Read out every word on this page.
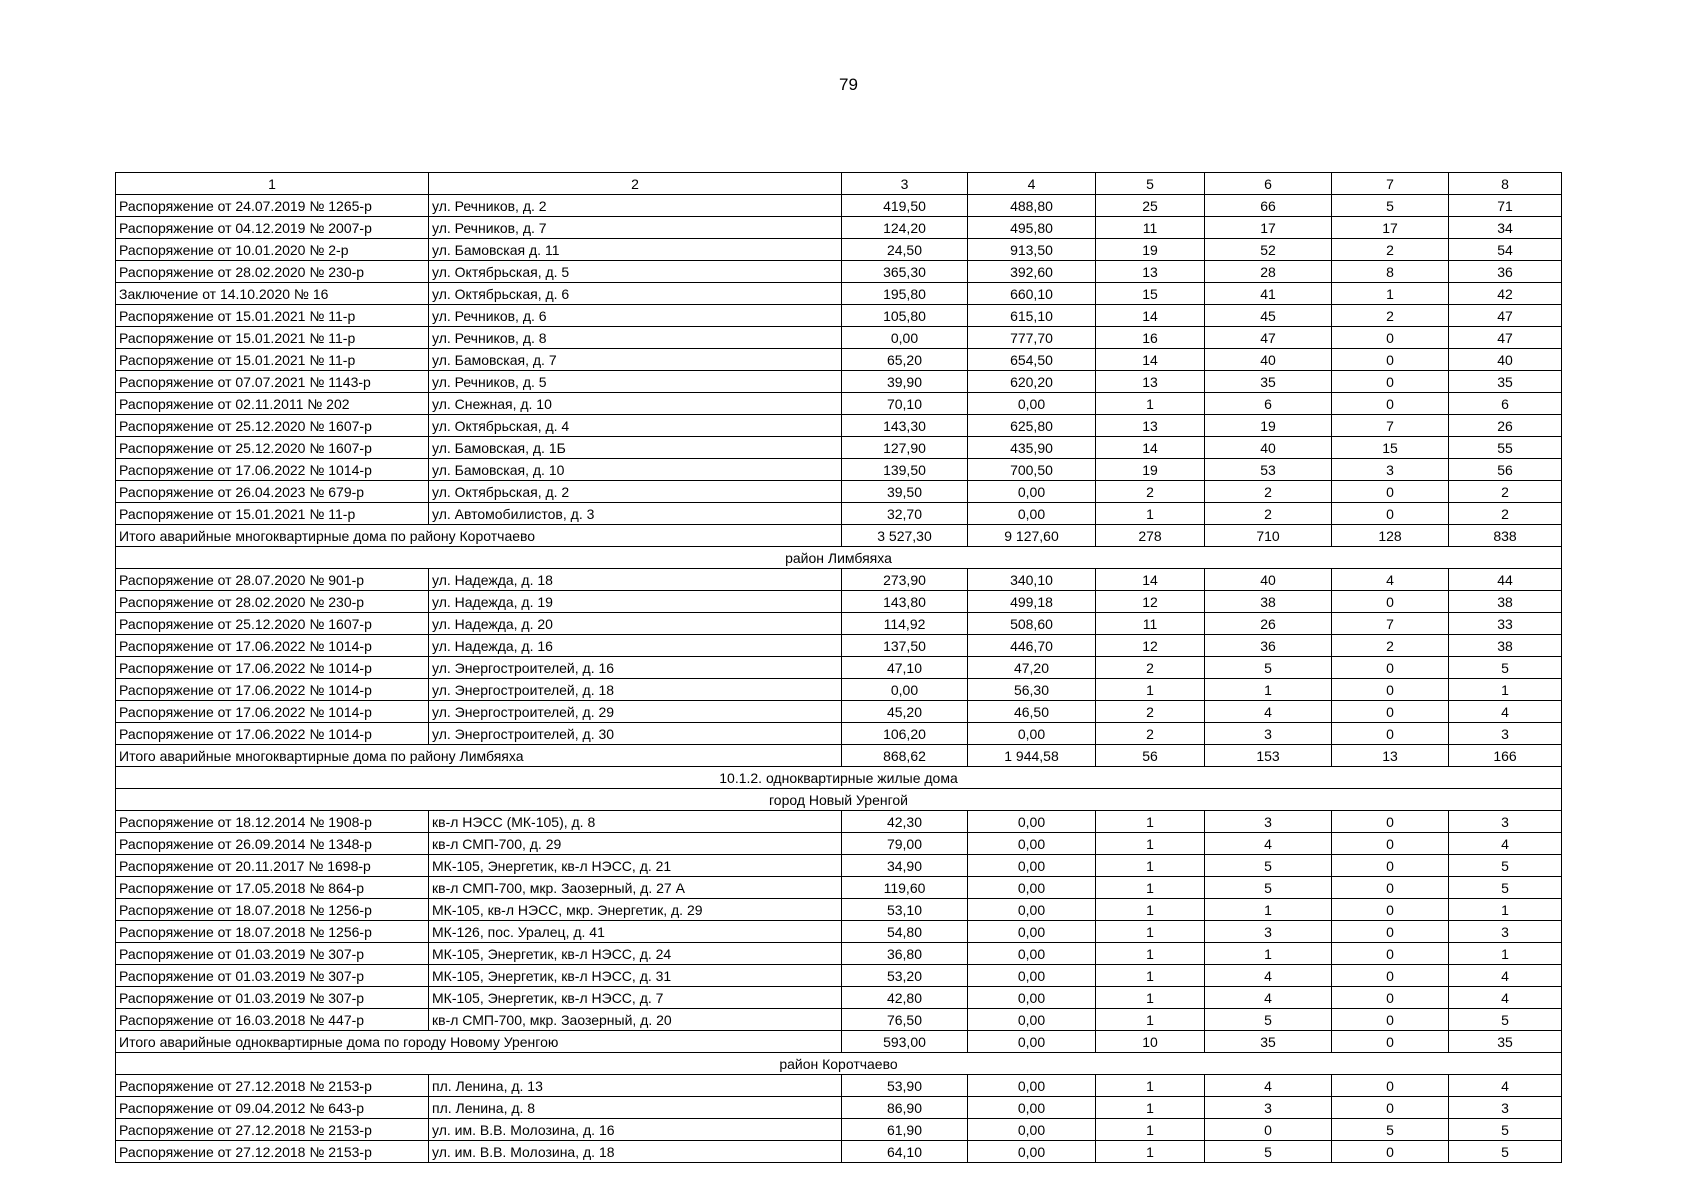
79
1	2	3	4	5	6	7	8
Распоряжение от 24.07.2019 № 1265-р	ул. Речников, д. 2	419,50	488,80	25	66	5	71
Распоряжение от 04.12.2019 № 2007-р	ул. Речников, д. 7	124,20	495,80	11	17	17	34
Распоряжение от 10.01.2020 № 2-р	ул. Бамовская д. 11	24,50	913,50	19	52	2	54
Распоряжение от 28.02.2020 № 230-р	ул. Октябрьская, д. 5	365,30	392,60	13	28	8	36
Заключение от 14.10.2020 № 16	ул. Октябрьская, д. 6	195,80	660,10	15	41	1	42
Распоряжение от 15.01.2021 № 11-р	ул. Речников, д. 6	105,80	615,10	14	45	2	47
Распоряжение от 15.01.2021 № 11-р	ул. Речников, д. 8	0,00	777,70	16	47	0	47
Распоряжение от 15.01.2021 № 11-р	ул. Бамовская, д. 7	65,20	654,50	14	40	0	40
Распоряжение от 07.07.2021 № 1143-р	ул. Речников, д. 5	39,90	620,20	13	35	0	35
Распоряжение от 02.11.2011 № 202	ул. Снежная, д. 10	70,10	0,00	1	6	0	6
Распоряжение от 25.12.2020 № 1607-р	ул. Октябрьская, д. 4	143,30	625,80	13	19	7	26
Распоряжение от 25.12.2020 № 1607-р	ул. Бамовская, д. 1Б	127,90	435,90	14	40	15	55
Распоряжение от 17.06.2022 № 1014-р	ул. Бамовская, д. 10	139,50	700,50	19	53	3	56
Распоряжение от 26.04.2023 № 679-р	ул. Октябрьская, д. 2	39,50	0,00	2	2	0	2
Распоряжение от 15.01.2021 № 11-р	ул. Автомобилистов, д. 3	32,70	0,00	1	2	0	2
Итого аварийные многоквартирные дома по району Коротчаево		3 527,30	9 127,60	278	710	128	838
район Лимбяяха							
Распоряжение от 28.07.2020 № 901-р	ул. Надежда, д. 18	273,90	340,10	14	40	4	44
Распоряжение от 28.02.2020 № 230-р	ул. Надежда, д. 19	143,80	499,18	12	38	0	38
Распоряжение от 25.12.2020 № 1607-р	ул. Надежда, д. 20	114,92	508,60	11	26	7	33
Распоряжение от 17.06.2022 № 1014-р	ул. Надежда, д. 16	137,50	446,70	12	36	2	38
Распоряжение от 17.06.2022 № 1014-р	ул. Энергостроителей, д. 16	47,10	47,20	2	5	0	5
Распоряжение от 17.06.2022 № 1014-р	ул. Энергостроителей, д. 18	0,00	56,30	1	1	0	1
Распоряжение от 17.06.2022 № 1014-р	ул. Энергостроителей, д. 29	45,20	46,50	2	4	0	4
Распоряжение от 17.06.2022 № 1014-р	ул. Энергостроителей, д. 30	106,20	0,00	2	3	0	3
Итого аварийные многоквартирные дома по району Лимбяяха		868,62	1 944,58	56	153	13	166
10.1.2. одноквартирные жилые дома							
город Новый Уренгой							
Распоряжение от 18.12.2014 № 1908-р	кв-л НЭСС (МК-105), д. 8	42,30	0,00	1	3	0	3
Распоряжение от 26.09.2014 № 1348-р	кв-л СМП-700, д. 29	79,00	0,00	1	4	0	4
Распоряжение от 20.11.2017 № 1698-р	МК-105, Энергетик, кв-л НЭСС, д. 21	34,90	0,00	1	5	0	5
Распоряжение от 17.05.2018 № 864-р	кв-л СМП-700, мкр. Заозерный, д. 27 А	119,60	0,00	1	5	0	5
Распоряжение от 18.07.2018 № 1256-р	МК-105, кв-л НЭСС, мкр. Энергетик, д. 29	53,10	0,00	1	1	0	1
Распоряжение от 18.07.2018 № 1256-р	МК-126, пос. Уралец, д. 41	54,80	0,00	1	3	0	3
Распоряжение от 01.03.2019 № 307-р	МК-105, Энергетик, кв-л НЭСС, д. 24	36,80	0,00	1	1	0	1
Распоряжение от 01.03.2019 № 307-р	МК-105, Энергетик, кв-л НЭСС, д. 31	53,20	0,00	1	4	0	4
Распоряжение от 01.03.2019 № 307-р	МК-105, Энергетик, кв-л НЭСС, д. 7	42,80	0,00	1	4	0	4
Распоряжение от 16.03.2018 № 447-р	кв-л СМП-700, мкр. Заозерный, д. 20	76,50	0,00	1	5	0	5
Итого аварийные одноквартирные дома по городу Новому Уренгою		593,00	0,00	10	35	0	35
район Коротчаево							
Распоряжение от 27.12.2018 № 2153-р	пл. Ленина, д. 13	53,90	0,00	1	4	0	4
Распоряжение от 09.04.2012 № 643-р	пл. Ленина, д. 8	86,90	0,00	1	3	0	3
Распоряжение от 27.12.2018 № 2153-р	ул. им. В.В. Молозина, д. 16	61,90	0,00	1	0	5	5
Распоряжение от 27.12.2018 № 2153-р	ул. им. В.В. Молозина, д. 18	64,10	0,00	1	5	0	5
